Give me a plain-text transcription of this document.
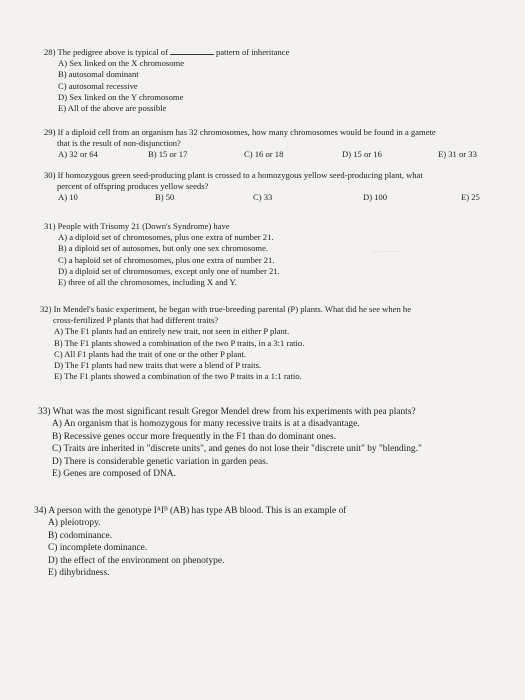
— — —
28) The pedigree above is typical of	pattern of inheritance
A) Sex linked on the X chromosome
B) autosomal dominant
C) autosomal recessive
D) Sex linked on the Y chromosome
E) All of the above are possible
29) If a diploid cell from an organism has 32 chromosomes, how many chromosomes would be found in a gamete
that is the result of non-disjunction?
A) 32 or 64	B) 15 or 17	C) 16 or 18	D) 15 or 16	E) 31 or 33
30) If homozygous green seed-producing plant is crossed to a homozygous yellow seed-producing plant, what
percent of offspring produces yellow seeds?
A) 10	B) 50	C) 33	D) 100	E) 25
31) People with Trisomy 21 (Down's Syndrome) have
A) a diploid set of chromosomes, plus one extra of number 21.
B) a diploid set of autosomes, but only one sex chromosome.
C) a haploid set of chromosomes, plus one extra of number 21.
D) a diploid set of chromosomes, except only one of number 21.
E) three of all the chromosomes, including X and Y.
32) In Mendel's basic experiment, he began with true-breeding parental (P) plants. What did he see when he
cross-fertilized P plants that had different traits?
A) The F1 plants had an entirely new trait, not seen in either P plant.
B) The F1 plants showed a combination of the two P traits, in a 3:1 ratio.
C) All F1 plants had the trait of one or the other P plant.
D) The F1 plants had new traits that were a blend of P traits.
E) The F1 plants showed a combination of the two P traits in a 1:1 ratio.
33) What was the most significant result Gregor Mendel drew from his experiments with pea plants?
A) An organism that is homozygous for many recessive traits is at a disadvantage.
B) Recessive genes occur more frequently in the F1 than do dominant ones.
C) Traits are inherited in "discrete units", and genes do not lose their "discrete unit" by "blending."
D) There is considerable genetic variation in garden peas.
E) Genes are composed of DNA.
34) A person with the genotype IᴬIᴮ (AB) has type AB blood. This is an example of
A) pleiotropy.
B) codominance.
C) incomplete dominance.
D) the effect of the environment on phenotype.
E) dihybridness.
